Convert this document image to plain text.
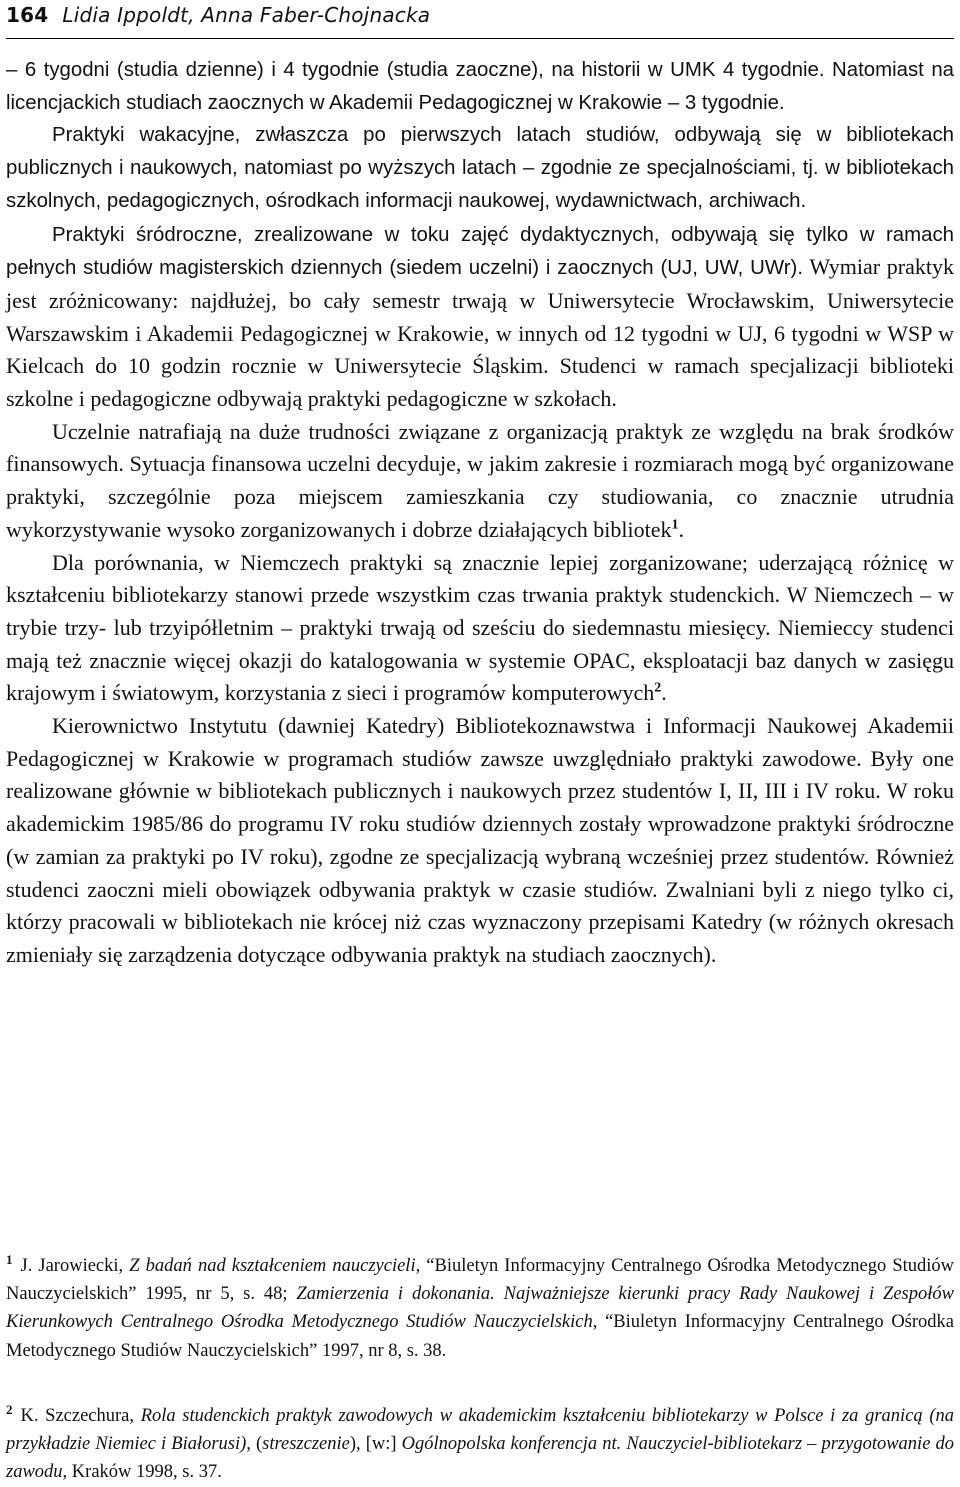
164 Lidia Ippoldt, Anna Faber-Chojnacka

– 6 tygodni (studia dzienne) i 4 tygodnie (studia zaoczne), na historii w UMK 4 tygodnie. Natomiast na licencjackich studiach zaocznych w Akademii Pedagogicznej w Krakowie – 3 tygodnie.

Praktyki wakacyjne, zwłaszcza po pierwszych latach studiów, odbywają się w bibliotekach publicznych i naukowych, natomiast po wyższych latach – zgodnie ze specjalnościami, tj. w bibliotekach szkolnych, pedagogicznych, ośrodkach informacji naukowej, wydawnictwach, archiwach.

Praktyki śródroczne, zrealizowane w toku zajęć dydaktycznych, odbywają się tylko w ramach pełnych studiów magisterskich dziennych (siedem uczelni) i zaocznych (UJ, UW, UWr). Wymiar praktyk jest zróżnicowany: najdłużej, bo cały semestr trwają w Uniwersytecie Wrocławskim, Uniwersytecie Warszawskim i Akademii Pedagogicznej w Krakowie, w innych od 12 tygodni w UJ, 6 tygodni w WSP w Kielcach do 10 godzin rocznie w Uniwersytecie Śląskim. Studenci w ramach specjalizacji biblioteki szkolne i pedagogiczne odbywają praktyki pedagogiczne w szkołach.

Uczelnie natrafiają na duże trudności związane z organizacją praktyk ze względu na brak środków finansowych. Sytuacja finansowa uczelni decyduje, w jakim zakresie i rozmiarach mogą być organizowane praktyki, szczególnie poza miejscem zamieszkania czy studiowania, co znacznie utrudnia wykorzystywanie wysoko zorganizowanych i dobrze działających bibliotek$^1$.

Dla porównania, w Niemczech praktyki są znacznie lepiej zorganizowane; uderzającą różnicę w kształceniu bibliotekarzy stanowi przede wszystkim czas trwania praktyk studenckich. W Niemczech – w trybie trzy- lub trzyipółletnim – praktyki trwają od sześciu do siedemnastu miesięcy. Niemieccy studenci mają też znacznie więcej okazji do katalogowania w systemie OPAC, eksploatacji baz danych w zasięgu krajowym i światowym, korzystania z sieci i programów komputerowych$^2$.

Kierownictwo Instytutu (dawniej Katedry) Bibliotekoznawstwa i Informacji Naukowej Akademii Pedagogicznej w Krakowie w programach studiów zawsze uwzględniało praktyki zawodowe. Były one realizowane głównie w bibliotekach publicznych i naukowych przez studentów I, II, III i IV roku. W roku akademickim 1985/86 do programu IV roku studiów dziennych zostały wprowadzone praktyki śródroczne (w zamian za praktyki po IV roku), zgodne ze specjalizacją wybraną wcześniej przez studentów. Również studenci zaoczni mieli obowiązek odbywania praktyk w czasie studiów. Zwalniani byli z niego tylko ci, którzy pracowali w bibliotekach nie krócej niż czas wyznaczony przepisami Katedry (w różnych okresach zmieniały się zarządzenia dotyczące odbywania praktyk na studiach zaocznych).

$^1$ J. Jarowiecki, Z badań nad kształceniem nauczycieli, “Biuletyn Informacyjny Centralnego Ośrodka Metodycznego Studiów Nauczycielskich” 1995, nr 5, s. 48; Zamierzenia i dokonania. Najważniejsze kierunki pracy Rady Naukowej i Zespołów Kierunkowych Centralnego Ośrodka Metodycznego Studiów Nauczycielskich, “Biuletyn Informacyjny Centralnego Ośrodka Metodycznego Studiów Nauczycielskich” 1997, nr 8, s. 38.

$^2$ K. Szczechura, Rola studenckich praktyk zawodowych w akademickim kształceniu bibliotekarzy w Polsce i za granicą (na przykładzie Niemiec i Białorusi), (streszczenie), [w:] Ogólnopolska konferencja nt. Nauczyciel-bibliotekarz – przygotowanie do zawodu, Kraków 1998, s. 37.
